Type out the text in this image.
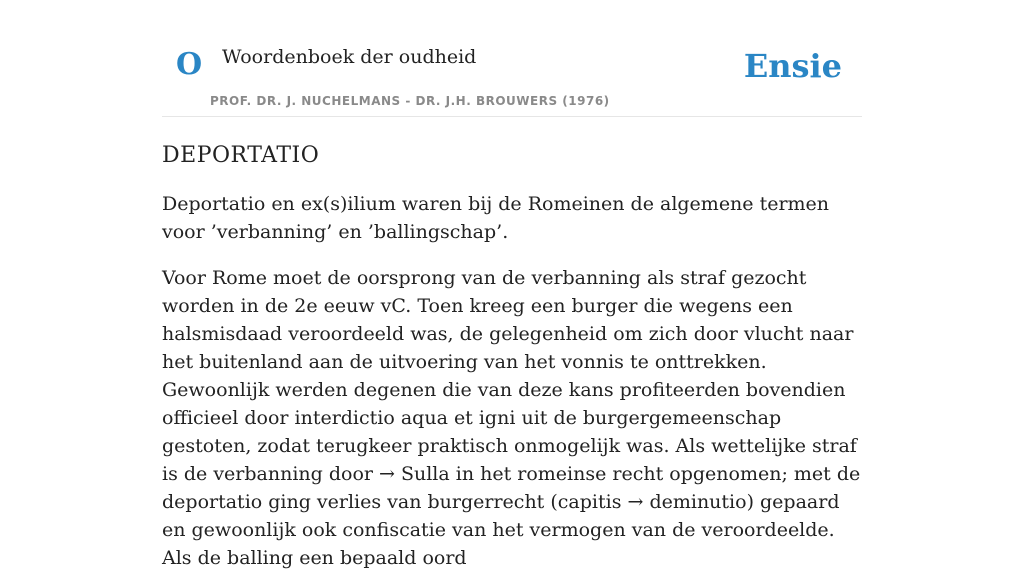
O Woordenboek der oudheid
PROF. DR. J. NUCHELMANS - DR. J.H. BROUWERS (1976)
Ensie
DEPORTATIO

Deportatio en ex(s)ilium waren bij de Romeinen de algemene termen voor ’verbanning’ en ’ballingschap’.

Voor Rome moet de oorsprong van de verbanning als straf gezocht worden in de 2e eeuw vC. Toen kreeg een burger die wegens een halsmisdaad veroordeeld was, de gelegenheid om zich door vlucht naar het buitenland aan de uitvoering van het vonnis te onttrekken. Gewoonlijk werden degenen die van deze kans profiteerden bovendien officieel door interdictio aqua et igni uit de burgergemeenschap gestoten, zodat terugkeer praktisch onmogelijk was. Als wettelijke straf is de verbanning door → Sulla in het romeinse recht opgenomen; met de deportatio ging verlies van burgerrecht (capitis → deminutio) gepaard en gewoonlijk ook confiscatie van het vermogen van de veroordeelde. Als de balling een bepaald oord
